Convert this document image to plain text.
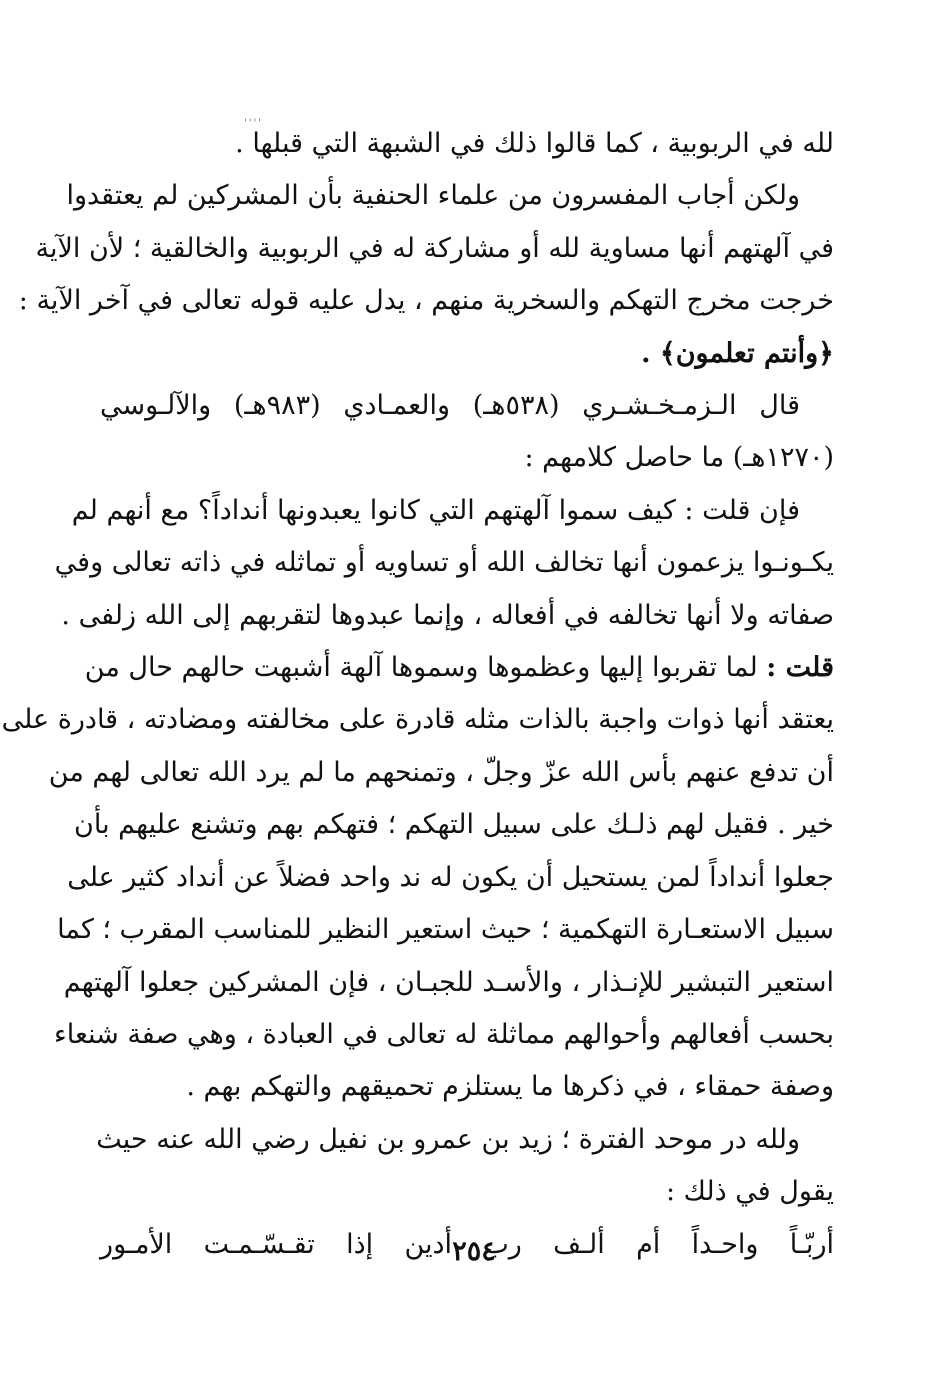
''''
لله في الربوبية ، كما قالوا ذلك في الشبهة التي قبلها .
ولكن أجاب المفسرون من علماء الحنفية بأن المشركين لم يعتقدوا
في آلهتهم أنها مساوية لله أو مشاركة له في الربوبية والخالقية ؛ لأن الآية
خرجت مخرج التهكم والسخرية منهم ، يدل عليه قوله تعالى في آخر الآية :
﴿وأنتم تعلمون﴾ .
قال الـزمـخـشـري (٥٣٨هـ) والعمـادي (٩٨٣هـ) والآلـوسي
(١٢٧٠هـ) ما حاصل كلامهم :
فإن قلت : كيف سموا آلهتهم التي كانوا يعبدونها أنداداً؟ مع أنهم لم
يكـونـوا يزعمون أنها تخالف الله أو تساويه أو تماثله في ذاته تعالى وفي
صفاته ولا أنها تخالفه في أفعاله ، وإنما عبدوها لتقربهم إلى الله زلفى .
قلت : لما تقربوا إليها وعظموها وسموها آلهة أشبهت حالهم حال من
يعتقد أنها ذوات واجبة بالذات مثله قادرة على مخالفته ومضادته ، قادرة على
أن تدفع عنهم بأس الله عزّ وجلّ ، وتمنحهم ما لم يرد الله تعالى لهم من
خير . فقيل لهم ذلـك على سبيل التهكم ؛ فتهكم بهم وتشنع عليهم بأن
جعلوا أنداداً لمن يستحيل أن يكون له ند واحد فضلاً عن أنداد كثير على
سبيل الاستعـارة التهكمية ؛ حيث استعير النظير للمناسب المقرب ؛ كما
استعير التبشير للإنـذار ، والأسـد للجبـان ، فإن المشركين جعلوا آلهتهم
بحسب أفعالهم وأحوالهم مماثلة له تعالى في العبادة ، وهي صفة شنعاء
وصفة حمقاء ، في ذكرها ما يستلزم تحميقهم والتهكم بهم .
ولله در موحد الفترة ؛ زيد بن عمرو بن نفيل رضي الله عنه حيث
يقول في ذلك :
أربّـاً
واحـداً
أم
ألـف
رب
أدين
إذا
تقـسّـمـت
الأمـور	٢٥٤
